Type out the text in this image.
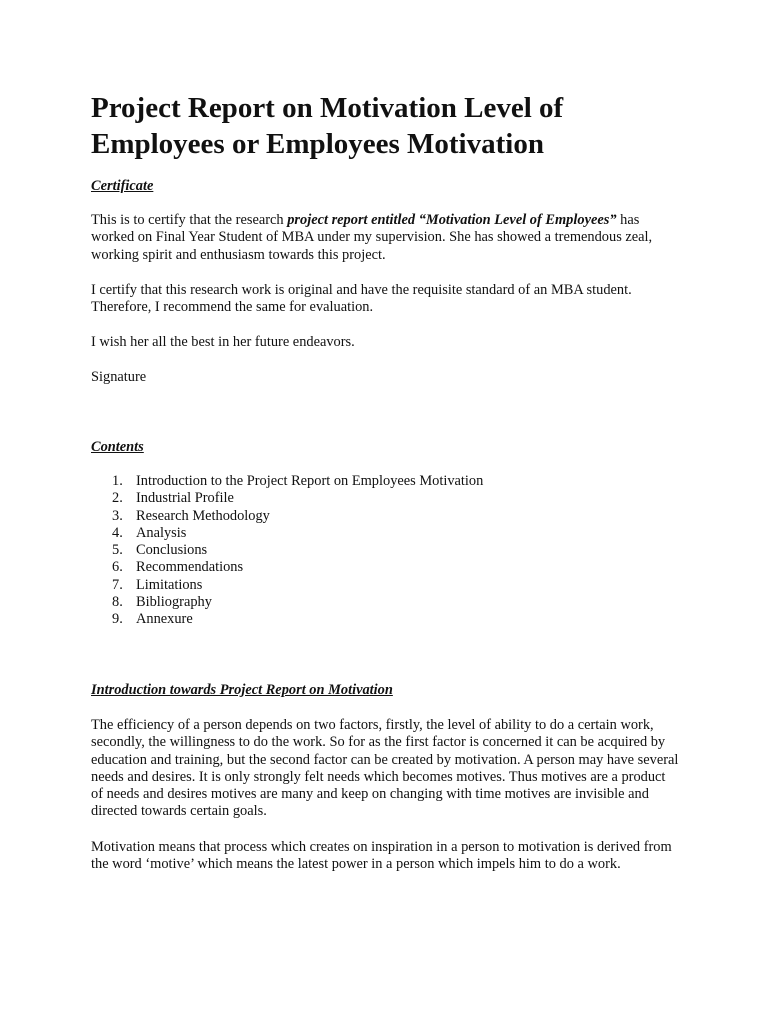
Project Report on Motivation Level of Employees or Employees Motivation
Certificate

This is to certify that the research project report entitled “Motivation Level of Employees” has worked on Final Year Student of MBA under my supervision. She has showed a tremendous zeal, working spirit and enthusiasm towards this project.

I certify that this research work is original and have the requisite standard of an MBA student. Therefore, I recommend the same for evaluation.

I wish her all the best in her future endeavors.

Signature

Contents
1. Introduction to the Project Report on Employees Motivation
2. Industrial Profile
3. Research Methodology
4. Analysis
5. Conclusions
6. Recommendations
7. Limitations
8. Bibliography
9. Annexure
Introduction towards Project Report on Motivation

The efficiency of a person depends on two factors, firstly, the level of ability to do a certain work, secondly, the willingness to do the work. So for as the first factor is concerned it can be acquired by education and training, but the second factor can be created by motivation. A person may have several needs and desires. It is only strongly felt needs which becomes motives. Thus motives are a product of needs and desires motives are many and keep on changing with time motives are invisible and directed towards certain goals.

Motivation means that process which creates on inspiration in a person to motivation is derived from the word ‘motive’ which means the latest power in a person which impels him to do a work.
